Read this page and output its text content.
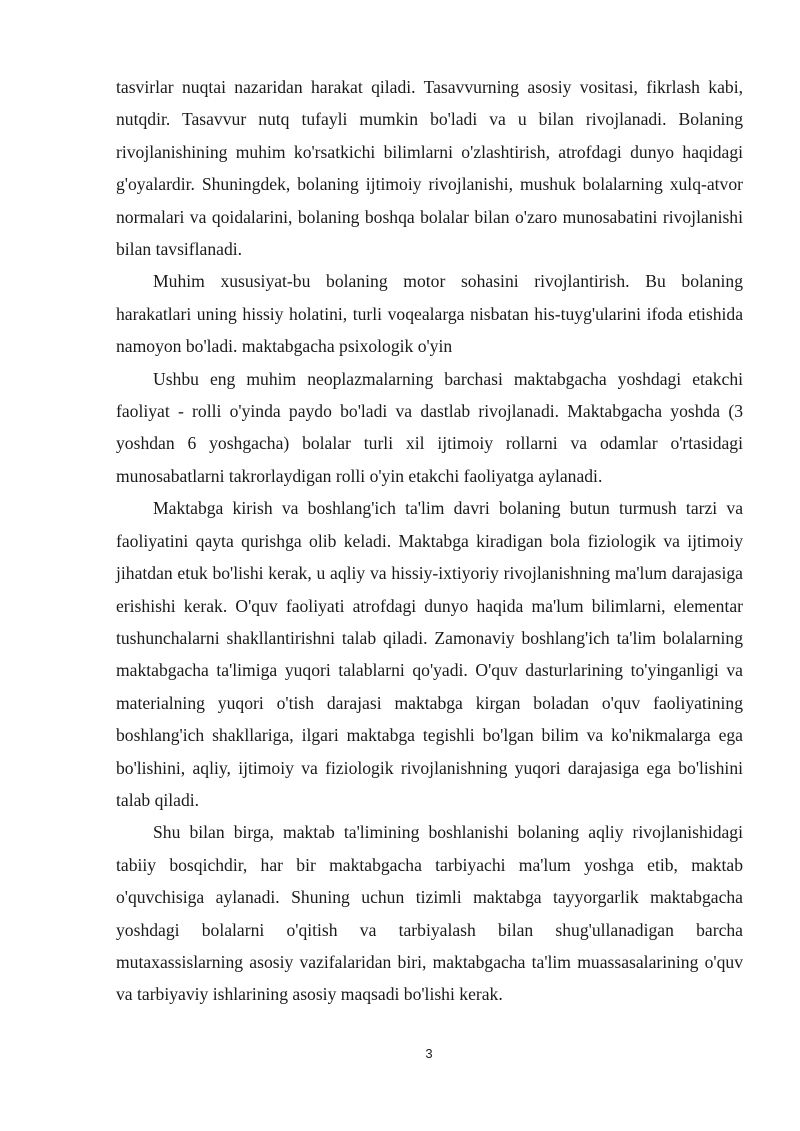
tasvirlar nuqtai nazaridan harakat qiladi. Tasavvurning asosiy vositasi, fikrlash kabi, nutqdir. Tasavvur nutq tufayli mumkin bo'ladi va u bilan rivojlanadi. Bolaning rivojlanishining muhim ko'rsatkichi bilimlarni o'zlashtirish, atrofdagi dunyo haqidagi g'oyalardir. Shuningdek, bolaning ijtimoiy rivojlanishi, mushuk bolalarning xulq-atvor normalari va qoidalarini, bolaning boshqa bolalar bilan o'zaro munosabatini rivojlanishi bilan tavsiflanadi.

Muhim xususiyat-bu bolaning motor sohasini rivojlantirish. Bu bolaning harakatlari uning hissiy holatini, turli voqealarga nisbatan his-tuyg'ularini ifoda etishida namoyon bo'ladi. maktabgacha psixologik o'yin

Ushbu eng muhim neoplazmalarning barchasi maktabgacha yoshdagi etakchi faoliyat - rolli o'yinda paydo bo'ladi va dastlab rivojlanadi. Maktabgacha yoshda (3 yoshdan 6 yoshgacha) bolalar turli xil ijtimoiy rollarni va odamlar o'rtasidagi munosabatlarni takrorlaydigan rolli o'yin etakchi faoliyatga aylanadi.

Maktabga kirish va boshlang'ich ta'lim davri bolaning butun turmush tarzi va faoliyatini qayta qurishga olib keladi. Maktabga kiradigan bola fiziologik va ijtimoiy jihatdan etuk bo'lishi kerak, u aqliy va hissiy-ixtiyoriy rivojlanishning ma'lum darajasiga erishishi kerak. O'quv faoliyati atrofdagi dunyo haqida ma'lum bilimlarni, elementar tushunchalarni shakllantirishni talab qiladi. Zamonaviy boshlang'ich ta'lim bolalarning maktabgacha ta'limiga yuqori talablarni qo'yadi. O'quv dasturlarining to'yinganligi va materialning yuqori o'tish darajasi maktabga kirgan boladan o'quv faoliyatining boshlang'ich shakllariga, ilgari maktabga tegishli bo'lgan bilim va ko'nikmalarga ega bo'lishini, aqliy, ijtimoiy va fiziologik rivojlanishning yuqori darajasiga ega bo'lishini talab qiladi.

Shu bilan birga, maktab ta'limining boshlanishi bolaning aqliy rivojlanishidagi tabiiy bosqichdir, har bir maktabgacha tarbiyachi ma'lum yoshga etib, maktab o'quvchisiga aylanadi. Shuning uchun tizimli maktabga tayyorgarlik maktabgacha yoshdagi bolalarni o'qitish va tarbiyalash bilan shug'ullanadigan barcha mutaxassislarning asosiy vazifalaridan biri, maktabgacha ta'lim muassasalarining o'quv va tarbiyaviy ishlarining asosiy maqsadi bo'lishi kerak.

3
